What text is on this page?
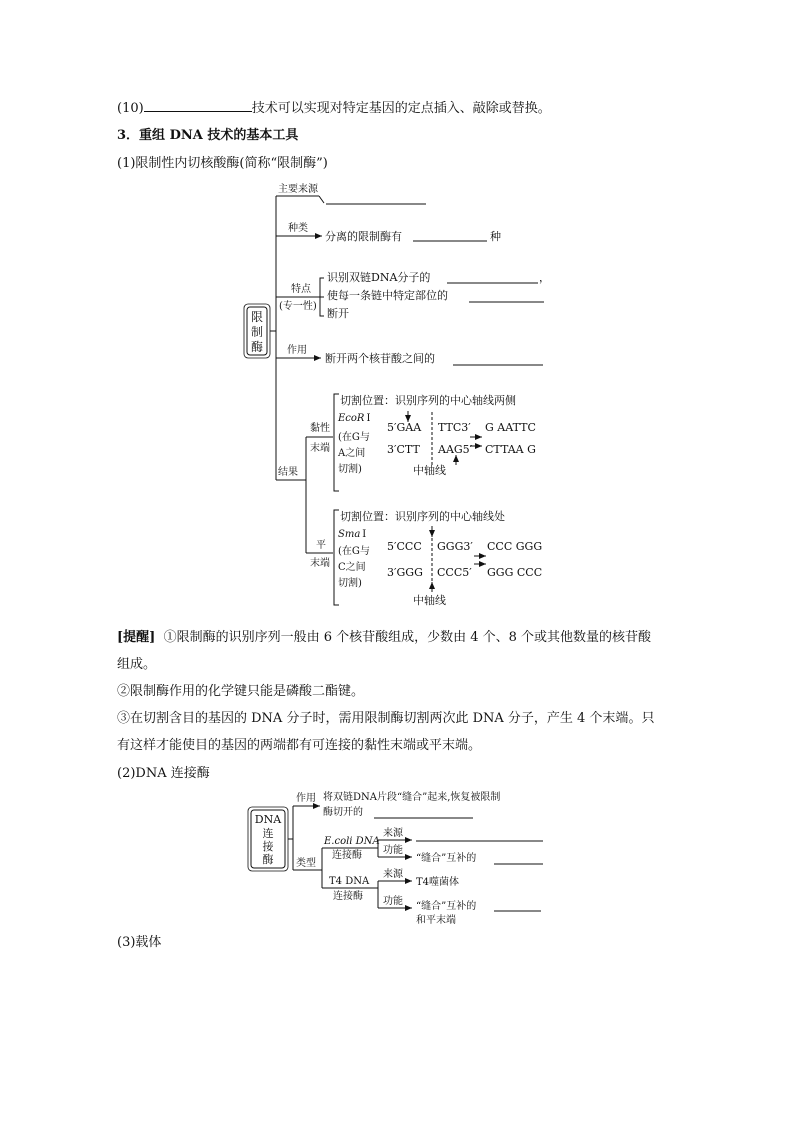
(10)	技术可以实现对特定基因的定点插入、敲除或替换。
3．重组 DNA 技术的基本工具
(1)限制性内切核酸酶(简称“限制酶”)
[提醒] ①限制酶的识别序列一般由 6 个核苷酸组成，少数由 4 个、8 个或其他数量的核苷酸
组成。
②限制酶作用的化学键只能是磷酸二酯键。
③在切割含目的基因的 DNA 分子时，需用限制酶切割两次此 DNA 分子，产生 4 个末端。只
有这样才能使目的基因的两端都有可连接的黏性末端或平末端。
(2)DNA 连接酶
(3)载体
限
制
酶
主要来源
种类
分离的限制酶有	种
特点
(专一性)
识别双链DNA分子的	，
使每一条链中特定部位的
断开
作用
断开两个核苷酸之间的
结果
黏性
末端
切割位置：识别序列的中心轴线两侧
EcoR Ⅰ
(在G与
A之间
切割)
5′GAA TTC3′ G AATTC
3′CTT AAG5′ CTTAA G
中轴线
平
末端
切割位置：识别序列的中心轴线处
Sma Ⅰ
(在G与
C之间
切割)
5′CCC GGG3′ CCC GGG
3′GGG CCC5′ GGG CCC
中轴线
DNA
连
接
酶
作用 将双链DNA片段“缝合”起来,恢复被限制
酶切开的
类型
E.coli DNA
连接酶
来源
功能
“缝合”互补的
T4 DNA
连接酶
来源
T4噬菌体
功能 “缝合”互补的
和平末端
